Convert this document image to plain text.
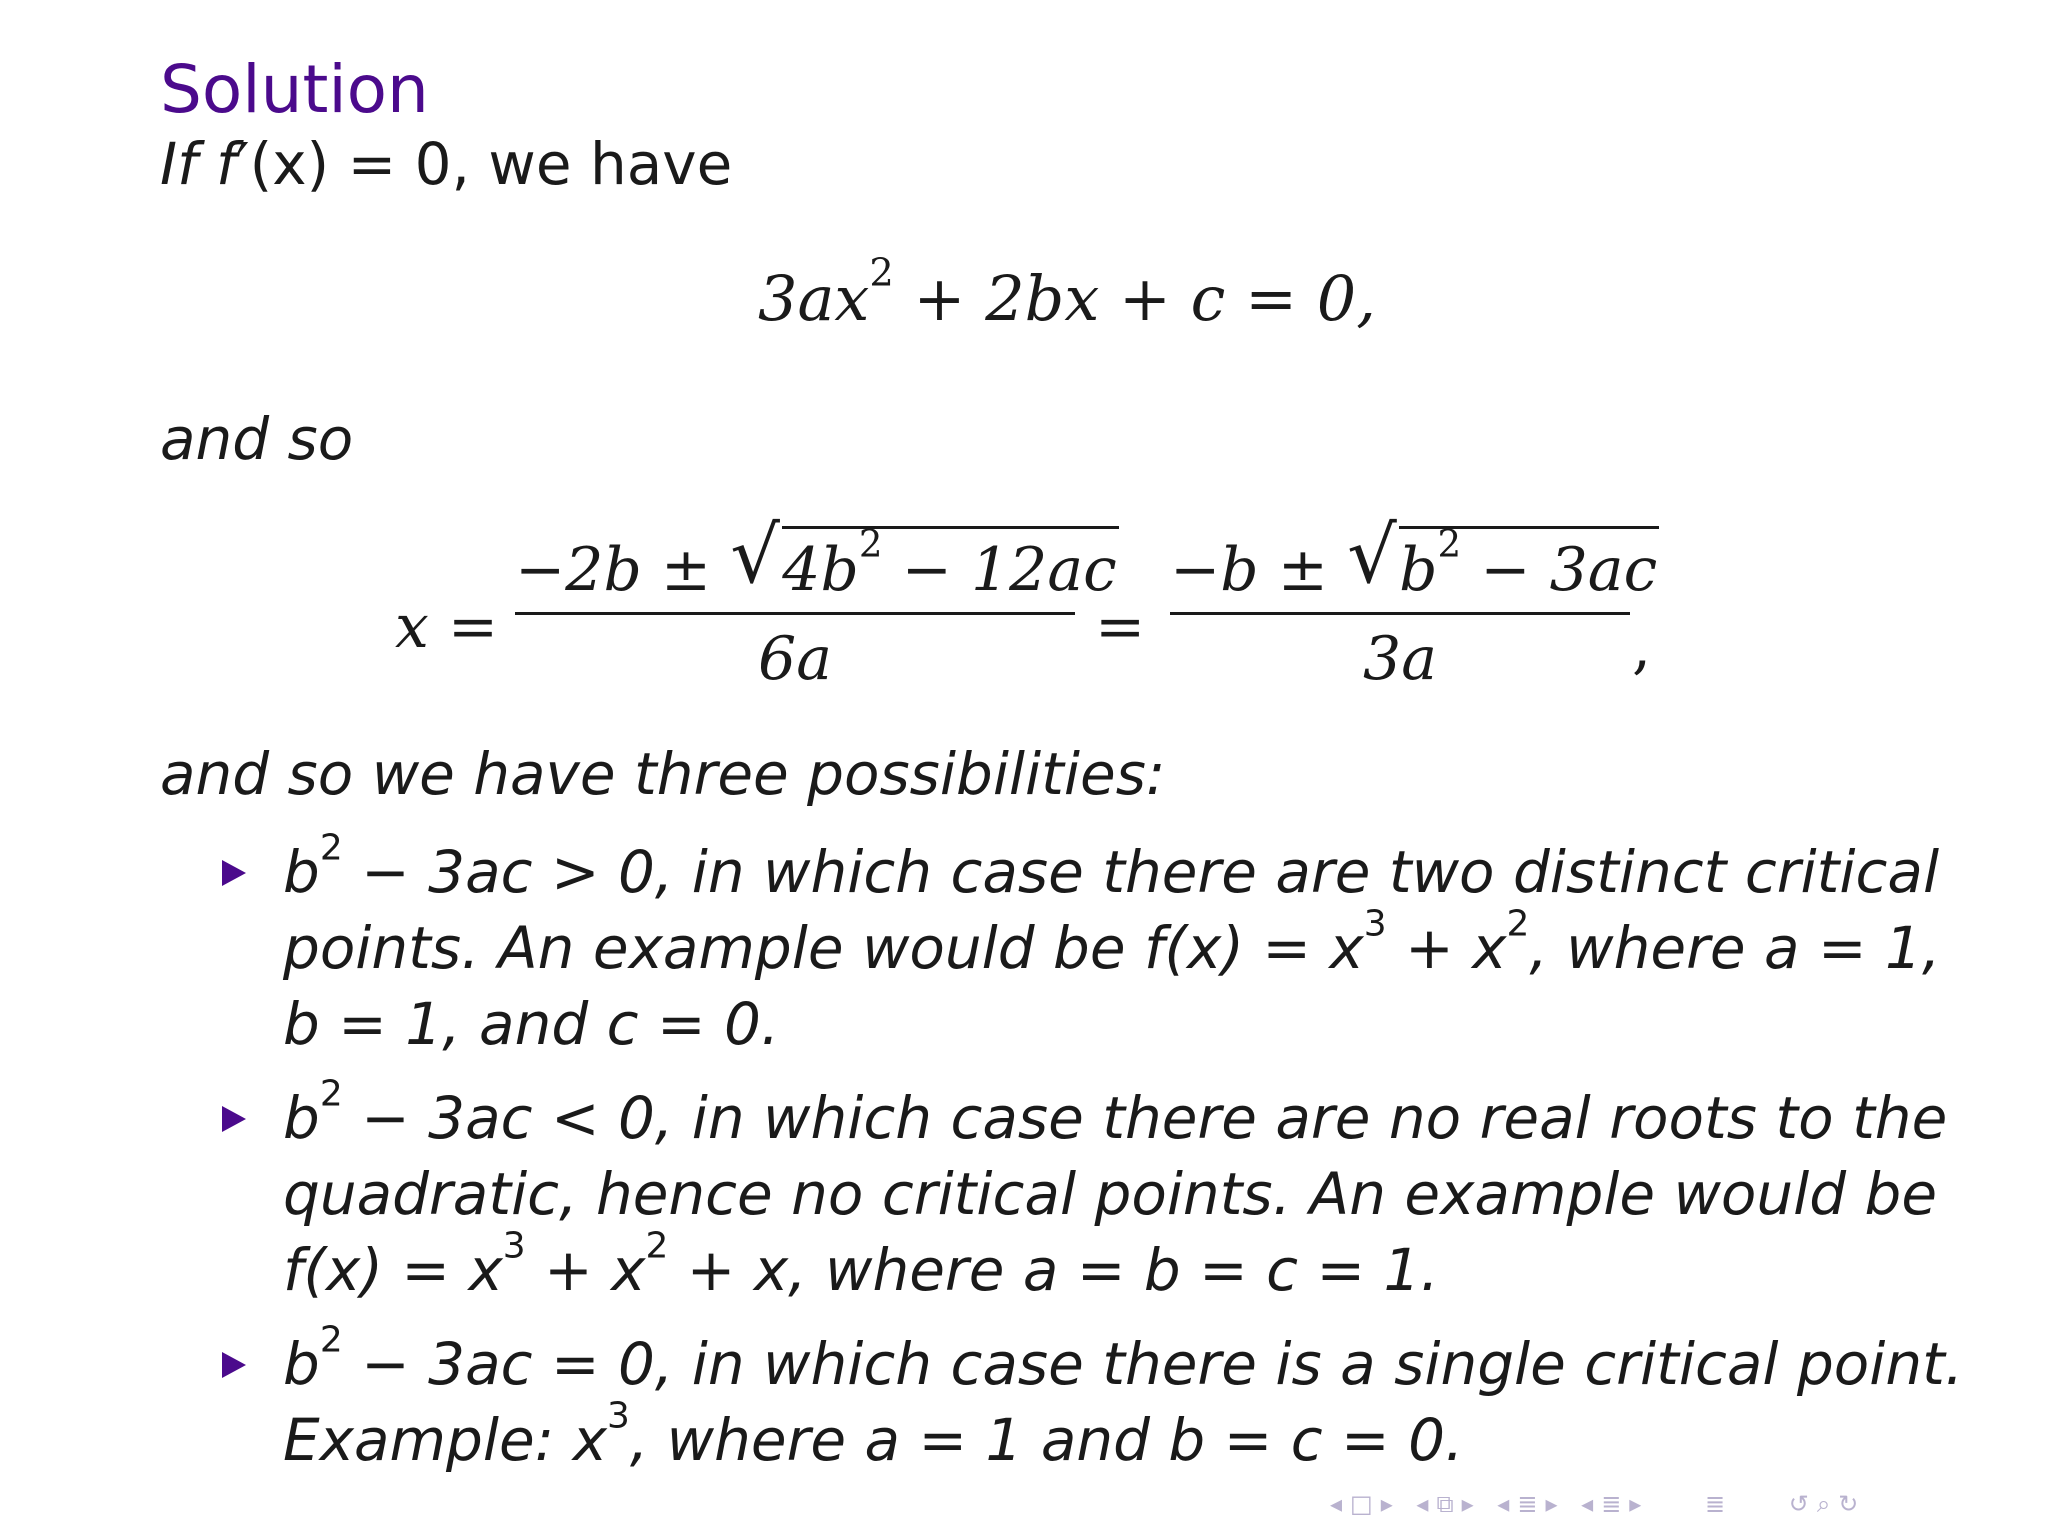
Solution
If f′(x) = 0, we have
$3ax^2 + 2bx + c = 0$,
and so
x =
−2b ± √ $4b^2 - 12ac$
6a	=
−b ± √ $b^2 - 3ac$
3a	,
and so we have three possibilities:
$b^2 - 3ac > 0$, in which case there are two distinct critical
points. An example would be $f(x) = x^3 + x^2$, where a = 1,
b = 1, and c = 0.
$b^2 - 3ac < 0$, in which case there are no real roots to the
quadratic, hence no critical points. An example would be
$f(x) = x^3 + x^2 + x$, where a = b = c = 1.
$b^2 - 3ac = 0$, in which case there is a single critical point.
Example: $x^3$, where a = 1 and b = c = 0.
◂□▸ ◂⧉▸ ◂≣▸ ◂≣▸ ≣ ↺⌕↻
